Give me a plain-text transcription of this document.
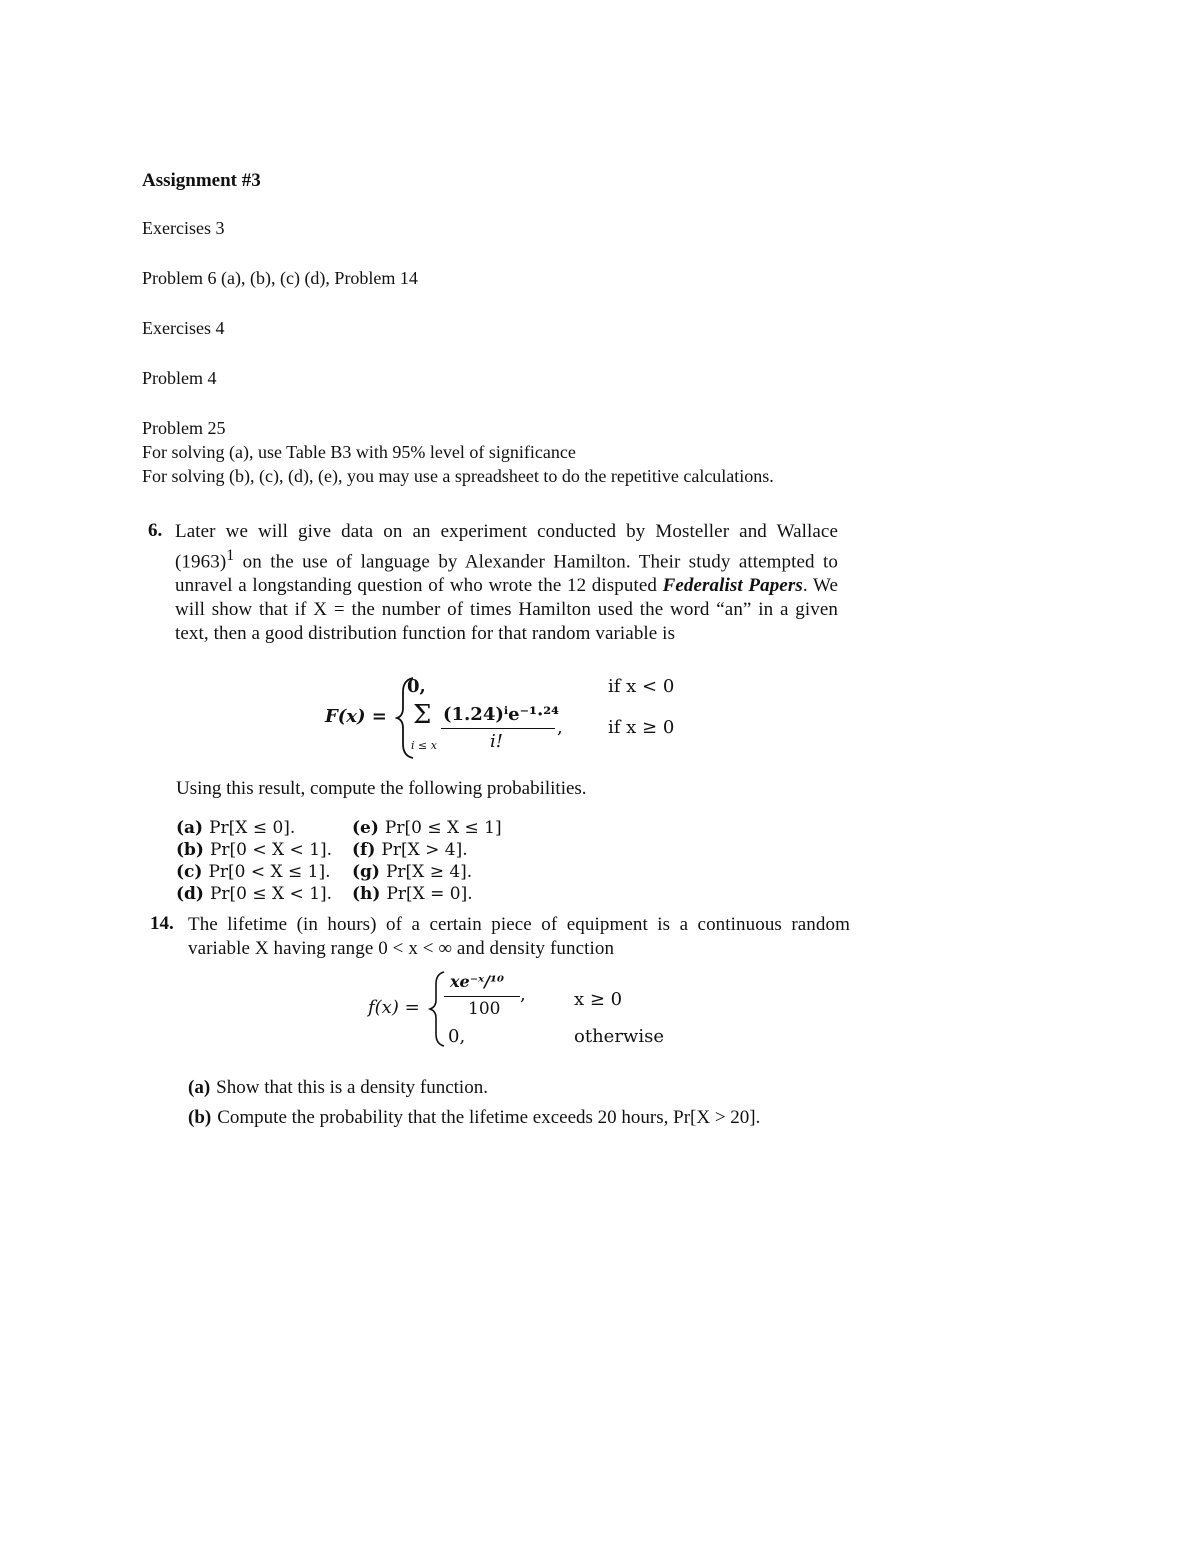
Assignment #3

Exercises 3

Problem 6 (a), (b), (c) (d), Problem 14

Exercises 4

Problem 4

Problem 25

For solving (a), use Table B3 with 95% level of significance

For solving (b), (c), (d), (e), you may use a spreadsheet to do the repetitive calculations.

6. Later we will give data on an experiment conducted by Mosteller and Wallace $(1963)^1$ on the use of language by Alexander Hamilton. Their study attempted to unravel a longstanding question of who wrote the 12 disputed Federalist Papers. We will show that if X = the number of times Hamilton used the word “an” in a given text, then a good distribution function for that random variable is

F(x) =
0,	if x < 0
Σ
i ≤ x
(1.24)ⁱe⁻¹·²⁴
i!
,	if x ≥ 0

Using this result, compute the following probabilities.

(a) Pr[X ≤ 0].
(b) Pr[0 < X < 1].
(c) Pr[0 < X ≤ 1].
(d) Pr[0 ≤ X < 1].
(e) Pr[0 ≤ X ≤ 1]
(f) Pr[X > 4].
(g) Pr[X ≥ 4].
(h) Pr[X = 0].
14. The lifetime (in hours) of a certain piece of equipment is a continuous random variable X having range 0 < x < ∞ and density function

f(x) =
xe⁻ˣ/¹⁰
100
,	x ≥ 0
0,	otherwise
(a) Show that this is a density function.
(b) Compute the probability that the lifetime exceeds 20 hours, Pr[X > 20].
